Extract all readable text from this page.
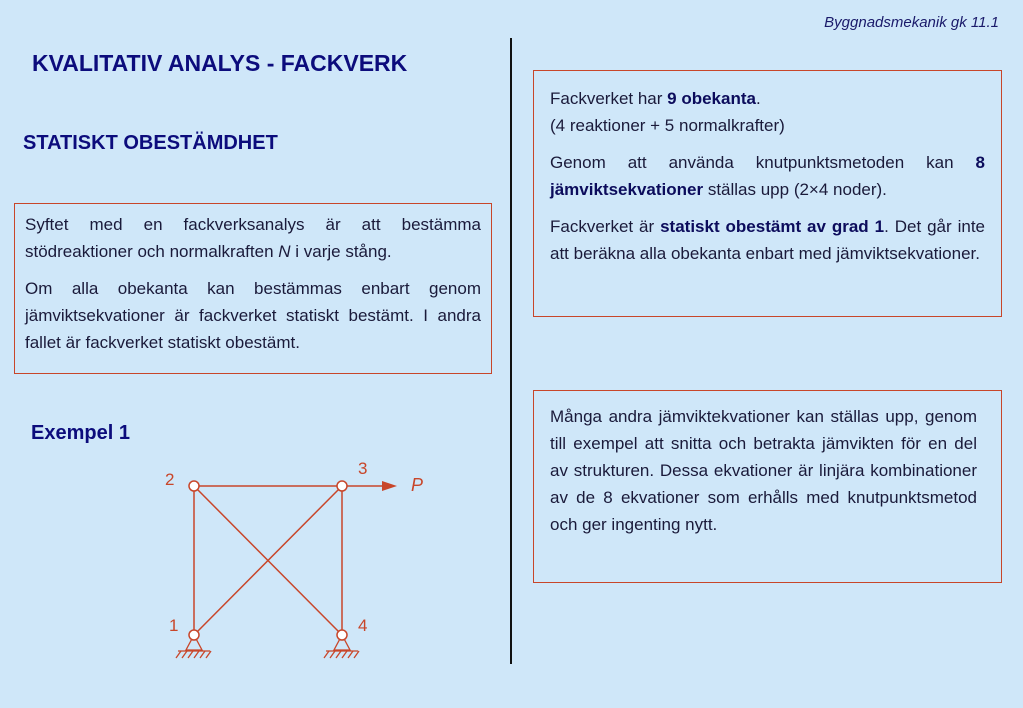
Byggnadsmekanik gk 11.1
KVALITATIV ANALYS - FACKVERK
STATISKT OBESTÄMDHET

Syftet med en fackverksanalys är att bestämma stödreaktioner och normalkraften N i varje stång.

Om alla obekanta kan bestämmas enbart genom jämviktsekvationer är fackverket statiskt bestämt. I andra fallet är fackverket statiskt obestämt.

Fackverket har 9 obekanta.
(4 reaktioner + 5 normalkrafter)

Genom att använda knutpunktsmetoden kan 8 jämviktsekvationer ställas upp (2×4 noder).

Fackverket är statiskt obestämt av grad 1. Det går inte att beräkna alla obekanta enbart med jämviktsekvationer.

Många andra jämviktekvationer kan ställas upp, genom till exempel att snitta och betrakta jämvikten för en del av strukturen. Dessa ekvationer är linjära kombinationer av de 8 ekvationer som erhålls med knutpunktsmetod och ger ingenting nytt.

Exempel 1
1
2
3
4
P
